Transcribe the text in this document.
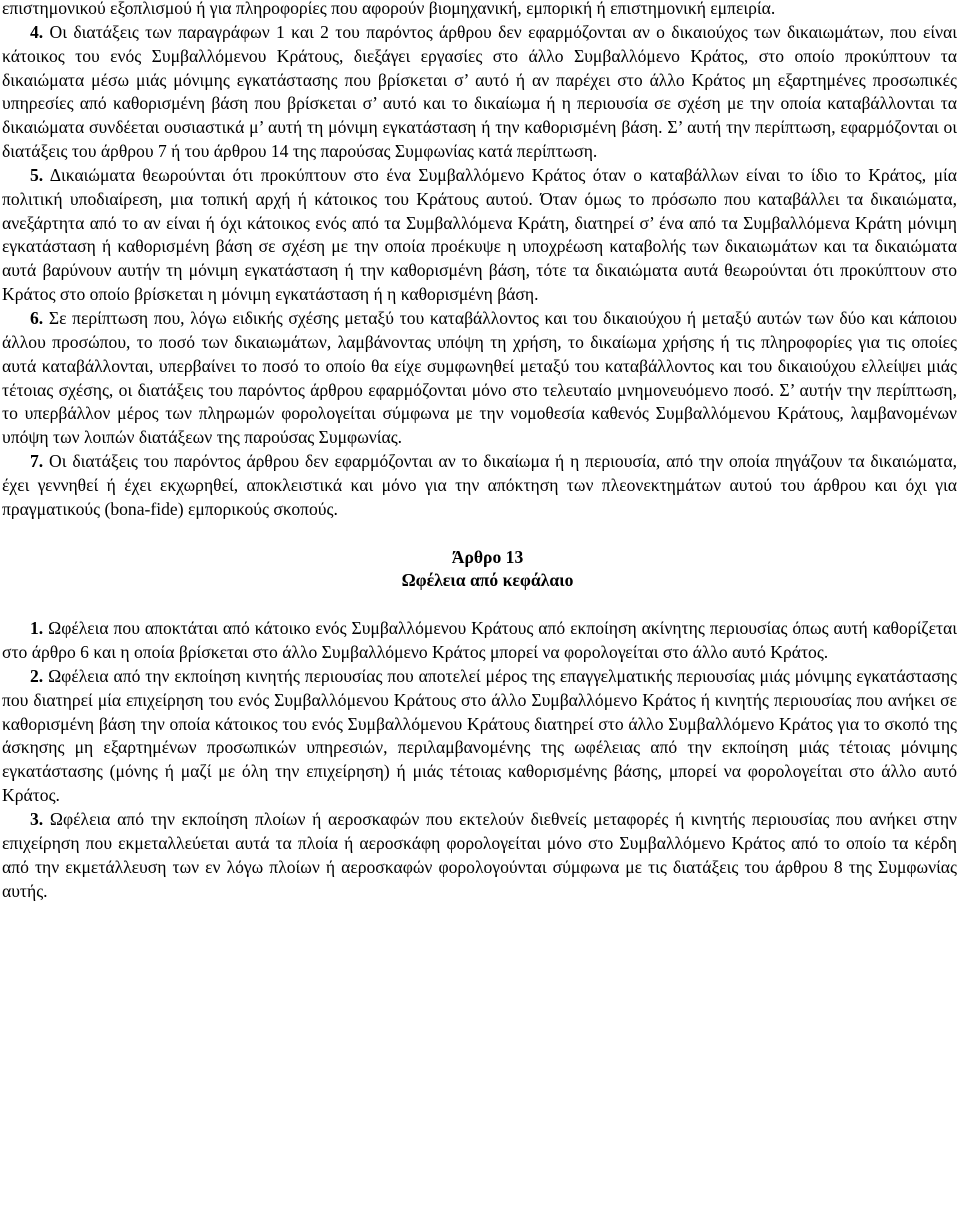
επιστημονικού εξοπλισμού ή για πληροφορίες που αφορούν βιομηχανική, εμπορική ή επιστημονική εμπειρία.

4. Οι διατάξεις των παραγράφων 1 και 2 του παρόντος άρθρου δεν εφαρμόζονται αν ο δικαιούχος των δικαιωμάτων, που είναι κάτοικος του ενός Συμβαλλόμενου Κράτους, διεξάγει εργασίες στο άλλο Συμβαλλόμενο Κράτος, στο οποίο προκύπτουν τα δικαιώματα μέσω μιάς μόνιμης εγκατάστασης που βρίσκεται σ’ αυτό ή αν παρέχει στο άλλο Κράτος μη εξαρτημένες προσωπικές υπηρεσίες από καθορισμένη βάση που βρίσκεται σ’ αυτό και το δικαίωμα ή η περιουσία σε σχέση με την οποία καταβάλλονται τα δικαιώματα συνδέεται ουσιαστικά μ’ αυτή τη μόνιμη εγκατάσταση ή την καθορισμένη βάση. Σ’ αυτή την περίπτωση, εφαρμόζονται οι διατάξεις του άρθρου 7 ή του άρθρου 14 της παρούσας Συμφωνίας κατά περίπτωση.

5. Δικαιώματα θεωρούνται ότι προκύπτουν στο ένα Συμβαλλόμενο Κράτος όταν ο καταβάλλων είναι το ίδιο το Κράτος, μία πολιτική υποδιαίρεση, μια τοπική αρχή ή κάτοικος του Κράτους αυτού. Όταν όμως το πρόσωπο που καταβάλλει τα δικαιώματα, ανεξάρτητα από το αν είναι ή όχι κάτοικος ενός από τα Συμβαλλόμενα Κράτη, διατηρεί σ’ ένα από τα Συμβαλλόμενα Κράτη μόνιμη εγκατάσταση ή καθορισμένη βάση σε σχέση με την οποία προέκυψε η υποχρέωση καταβολής των δικαιωμάτων και τα δικαιώματα αυτά βαρύνουν αυτήν τη μόνιμη εγκατάσταση ή την καθορισμένη βάση, τότε τα δικαιώματα αυτά θεωρούνται ότι προκύπτουν στο Κράτος στο οποίο βρίσκεται η μόνιμη εγκατάσταση ή η καθορισμένη βάση.

6. Σε περίπτωση που, λόγω ειδικής σχέσης μεταξύ του καταβάλλοντος και του δικαιούχου ή μεταξύ αυτών των δύο και κάποιου άλλου προσώπου, το ποσό των δικαιωμάτων, λαμβάνοντας υπόψη τη χρήση, το δικαίωμα χρήσης ή τις πληροφορίες για τις οποίες αυτά καταβάλλονται, υπερβαίνει το ποσό το οποίο θα είχε συμφωνηθεί μεταξύ του καταβάλλοντος και του δικαιούχου ελλείψει μιάς τέτοιας σχέσης, οι διατάξεις του παρόντος άρθρου εφαρμόζονται μόνο στο τελευταίο μνημονευόμενο ποσό. Σ’ αυτήν την περίπτωση, το υπερβάλλον μέρος των πληρωμών φορολογείται σύμφωνα με την νομοθεσία καθενός Συμβαλλόμενου Κράτους, λαμβανομένων υπόψη των λοιπών διατάξεων της παρούσας Συμφωνίας.

7. Οι διατάξεις του παρόντος άρθρου δεν εφαρμόζονται αν το δικαίωμα ή η περιουσία, από την οποία πηγάζουν τα δικαιώματα, έχει γεννηθεί ή έχει εκχωρηθεί, αποκλειστικά και μόνο για την απόκτηση των πλεονεκτημάτων αυτού του άρθρου και όχι για πραγματικούς (bona-fide) εμπορικούς σκοπούς.

Άρθρο 13

Ωφέλεια από κεφάλαιο

1. Ωφέλεια που αποκτάται από κάτοικο ενός Συμβαλλόμενου Κράτους από εκποίηση ακίνητης περιουσίας όπως αυτή καθορίζεται στο άρθρο 6 και η οποία βρίσκεται στο άλλο Συμβαλλόμενο Κράτος μπορεί να φορολογείται στο άλλο αυτό Κράτος.

2. Ωφέλεια από την εκποίηση κινητής περιουσίας που αποτελεί μέρος της επαγγελματικής περιουσίας μιάς μόνιμης εγκατάστασης που διατηρεί μία επιχείρηση του ενός Συμβαλλόμενου Κράτους στο άλλο Συμβαλλόμενο Κράτος ή κινητής περιουσίας που ανήκει σε καθορισμένη βάση την οποία κάτοικος του ενός Συμβαλλόμενου Κράτους διατηρεί στο άλλο Συμβαλλόμενο Κράτος για το σκοπό της άσκησης μη εξαρτημένων προσωπικών υπηρεσιών, περιλαμβανομένης της ωφέλειας από την εκποίηση μιάς τέτοιας μόνιμης εγκατάστασης (μόνης ή μαζί με όλη την επιχείρηση) ή μιάς τέτοιας καθορισμένης βάσης, μπορεί να φορολογείται στο άλλο αυτό Κράτος.

3. Ωφέλεια από την εκποίηση πλοίων ή αεροσκαφών που εκτελούν διεθνείς μεταφορές ή κινητής περιουσίας που ανήκει στην επιχείρηση που εκμεταλλεύεται αυτά τα πλοία ή αεροσκάφη φορολογείται μόνο στο Συμβαλλόμενο Κράτος από το οποίο τα κέρδη από την εκμετάλλευση των εν λόγω πλοίων ή αεροσκαφών φορολογούνται σύμφωνα με τις διατάξεις του άρθρου 8 της Συμφωνίας αυτής.
